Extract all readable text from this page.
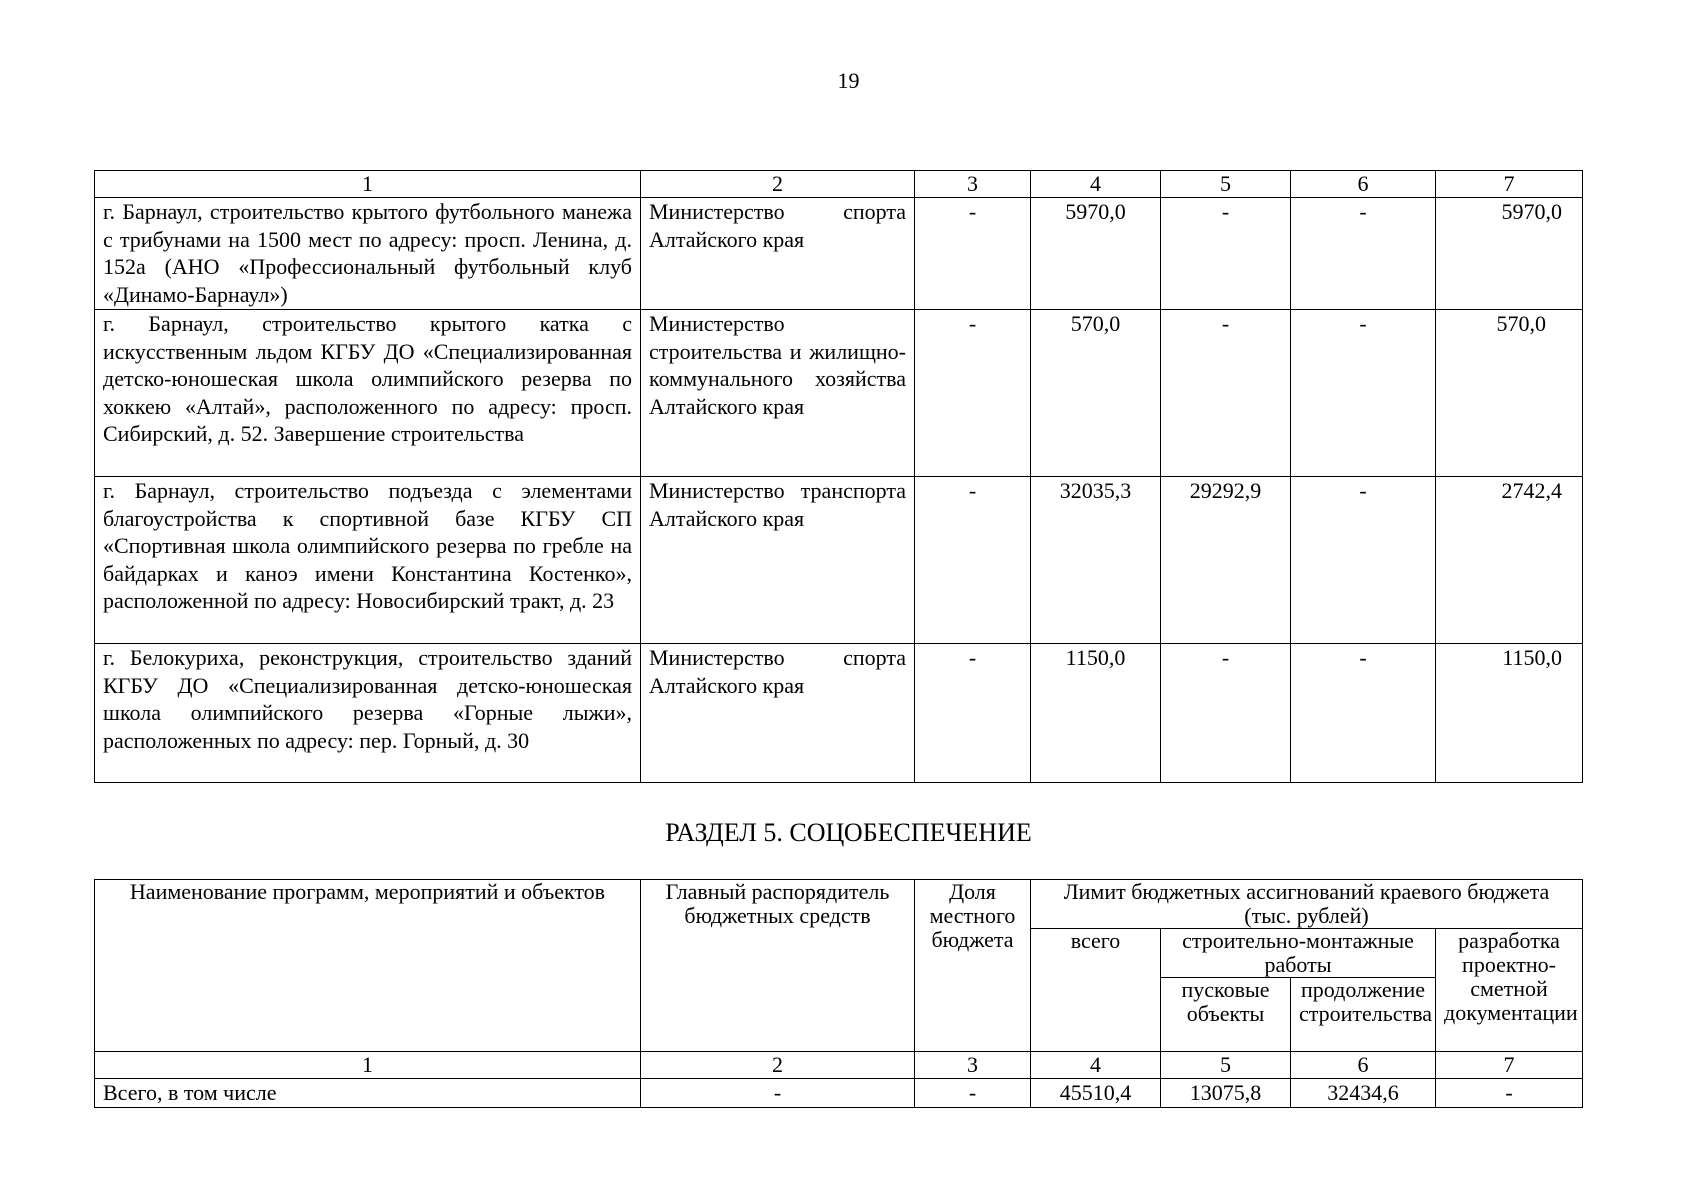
19
1	2	3	4	5	6	7
г. Барнаул, строительство крытого футбольного манежа с трибунами на 1500 мест по адресу: просп. Ленина, д. 152а (АНО «Профессиональный футбольный клуб «Динамо-Барнаул»)	Министерство спорта Алтайского края	-	5970,0	-	-	5970,0
г. Барнаул, строительство крытого катка с искусственным льдом КГБУ ДО «Специализированная детско-юношеская школа олимпийского резерва по хоккею «Алтай», расположенного по адресу: просп. Сибирский, д. 52. Завершение строительства	Министерство строительства и жилищно-коммунального хозяйства Алтайского края	-	570,0	-	-	570,0
г. Барнаул, строительство подъезда с элементами благоустройства к спортивной базе КГБУ СП «Спортивная школа олимпийского резерва по гребле на байдарках и каноэ имени Константина Костенко», расположенной по адресу: Новосибирский тракт, д. 23	Министерство транспорта Алтайского края	-	32035,3	29292,9	-	2742,4
г. Белокуриха, реконструкция, строительство зданий КГБУ ДО «Специализированная детско-юношеская школа олимпийского резерва «Горные лыжи», расположенных по адресу: пер. Горный, д. 30	Министерство спорта Алтайского края	-	1150,0	-	-	1150,0
РАЗДЕЛ 5. СОЦОБЕСПЕЧЕНИЕ
Наименование программ, мероприятий и объектов	Главный распорядитель бюджетных средств	Доля местного бюджета	Лимит бюджетных ассигнований краевого бюджета (тыс. рублей)			
			всего	строительно-монтажные работы		разработка проектно-сметной документации
				пусковые объекты	продолжение строительства	
1	2	3	4	5	6	7
Всего, в том числе	-	-	45510,4	13075,8	32434,6	-
